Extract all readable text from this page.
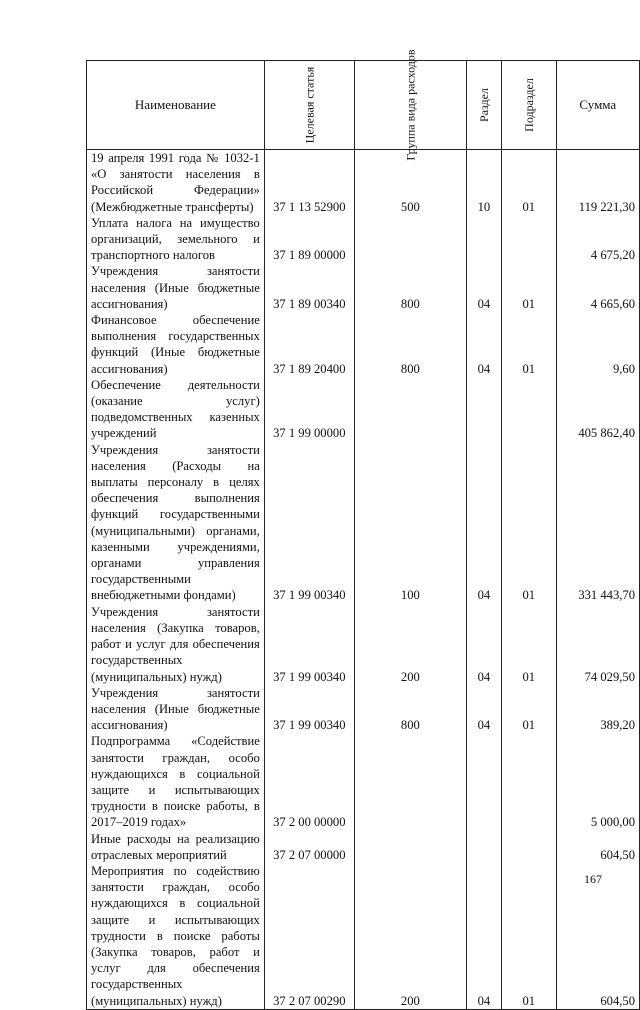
Наименование	Целевая статья	Группа вида расходов	Раздел	Подраздел	Сумма
19 апреля 1991 года № 1032-1 «О занятости населения в Российской Федерации» (Межбюджетные трансферты)	37 1 13 52900	500	10	01	119 221,30
Уплата налога на имущество организаций, земельного и транспортного налогов	37 1 89 00000				4 675,20
Учреждения занятости населения (Иные бюджетные ассигнования)	37 1 89 00340	800	04	01	4 665,60
Финансовое обеспечение выполнения государственных функций (Иные бюджетные ассигнования)	37 1 89 20400	800	04	01	9,60
Обеспечение деятельности (оказание услуг) подведомственных казенных учреждений	37 1 99 00000				405 862,40
Учреждения занятости населения (Расходы на выплаты персоналу в целях обеспечения выполнения функций государственными (муниципальными) органами, казенными учреждениями, органами управления государственными внебюджетными фондами)	37 1 99 00340	100	04	01	331 443,70
Учреждения занятости населения (Закупка товаров, работ и услуг для обеспечения государственных (муниципальных) нужд)	37 1 99 00340	200	04	01	74 029,50
Учреждения занятости населения (Иные бюджетные ассигнования)	37 1 99 00340	800	04	01	389,20
Подпрограмма «Содействие занятости граждан, особо нуждающихся в социальной защите и испытывающих трудности в поиске работы, в 2017–2019 годах»	37 2 00 00000				5 000,00
Иные расходы на реализацию отраслевых мероприятий	37 2 07 00000				604,50
Мероприятия по содействию занятости граждан, особо нуждающихся в социальной защите и испытывающих трудности в поиске работы (Закупка товаров, работ и услуг для обеспечения государственных (муниципальных) нужд)	37 2 07 00290	200	04	01	604,50
167
